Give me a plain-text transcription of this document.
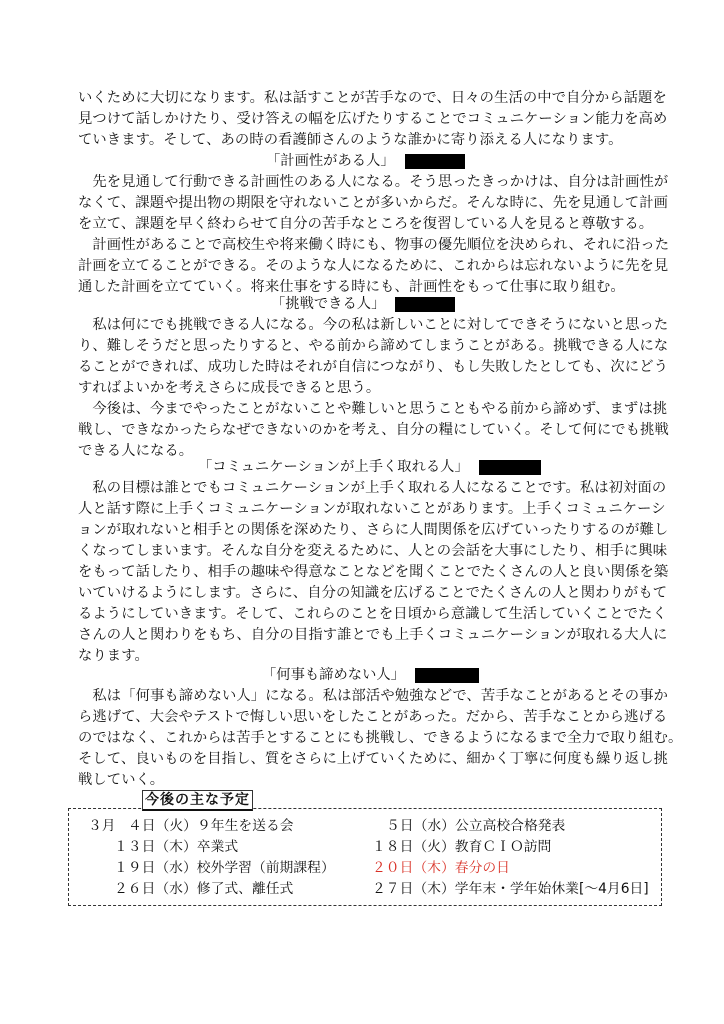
いくために大切になります。私は話すことが苦手なので、日々の生活の中で自分から話題を
見つけて話しかけたり、受け答えの幅を広げたりすることでコミュニケーション能力を高め
ていきます。そして、あの時の看護師さんのような誰かに寄り添える人になります。
「計画性がある人」
　先を見通して行動できる計画性のある人になる。そう思ったきっかけは、自分は計画性が
なくて、課題や提出物の期限を守れないことが多いからだ。そんな時に、先を見通して計画
を立て、課題を早く終わらせて自分の苦手なところを復習している人を見ると尊敬する。
　計画性があることで高校生や将来働く時にも、物事の優先順位を決められ、それに沿った
計画を立てることができる。そのような人になるために、これからは忘れないように先を見
通した計画を立てていく。将来仕事をする時にも、計画性をもって仕事に取り組む。
「挑戦できる人」
　私は何にでも挑戦できる人になる。今の私は新しいことに対してできそうにないと思った
り、難しそうだと思ったりすると、やる前から諦めてしまうことがある。挑戦できる人にな
ることができれば、成功した時はそれが自信につながり、もし失敗したとしても、次にどう
すればよいかを考えさらに成長できると思う。
　今後は、今までやったことがないことや難しいと思うこともやる前から諦めず、まずは挑
戦し、できなかったらなぜできないのかを考え、自分の糧にしていく。そして何にでも挑戦
できる人になる。
「コミュニケーションが上手く取れる人」
　私の目標は誰とでもコミュニケーションが上手く取れる人になることです。私は初対面の
人と話す際に上手くコミュニケーションが取れないことがあります。上手くコミュニケーシ
ョンが取れないと相手との関係を深めたり、さらに人間関係を広げていったりするのが難し
くなってしまいます。そんな自分を変えるために、人との会話を大事にしたり、相手に興味
をもって話したり、相手の趣味や得意なことなどを聞くことでたくさんの人と良い関係を築
いていけるようにします。さらに、自分の知識を広げることでたくさんの人と関わりがもて
るようにしていきます。そして、これらのことを日頃から意識して生活していくことでたく
さんの人と関わりをもち、自分の目指す誰とでも上手くコミュニケーションが取れる大人に
なります。
「何事も諦めない人」
　私は「何事も諦めない人」になる。私は部活や勉強などで、苦手なことがあるとその事か
ら逃げて、大会やテストで悔しい思いをしたことがあった。だから、苦手なことから逃げる
のではなく、これからは苦手とすることにも挑戦し、できるようになるまで全力で取り組む。
そして、良いものを目指し、質をさらに上げていくために、細かく丁寧に何度も繰り返し挑
戦していく。
今後の主な予定
３月 ４日（火）９年生を送る会
１３日（木）卒業式
１９日（水）校外学習（前期課程）
２６日（水）修了式、離任式
５日（水）公立高校合格発表
１８日（火）教育ＣＩＯ訪問
２０日（木）春分の日
２７日（木）学年末・学年始休業[～4月6日]
